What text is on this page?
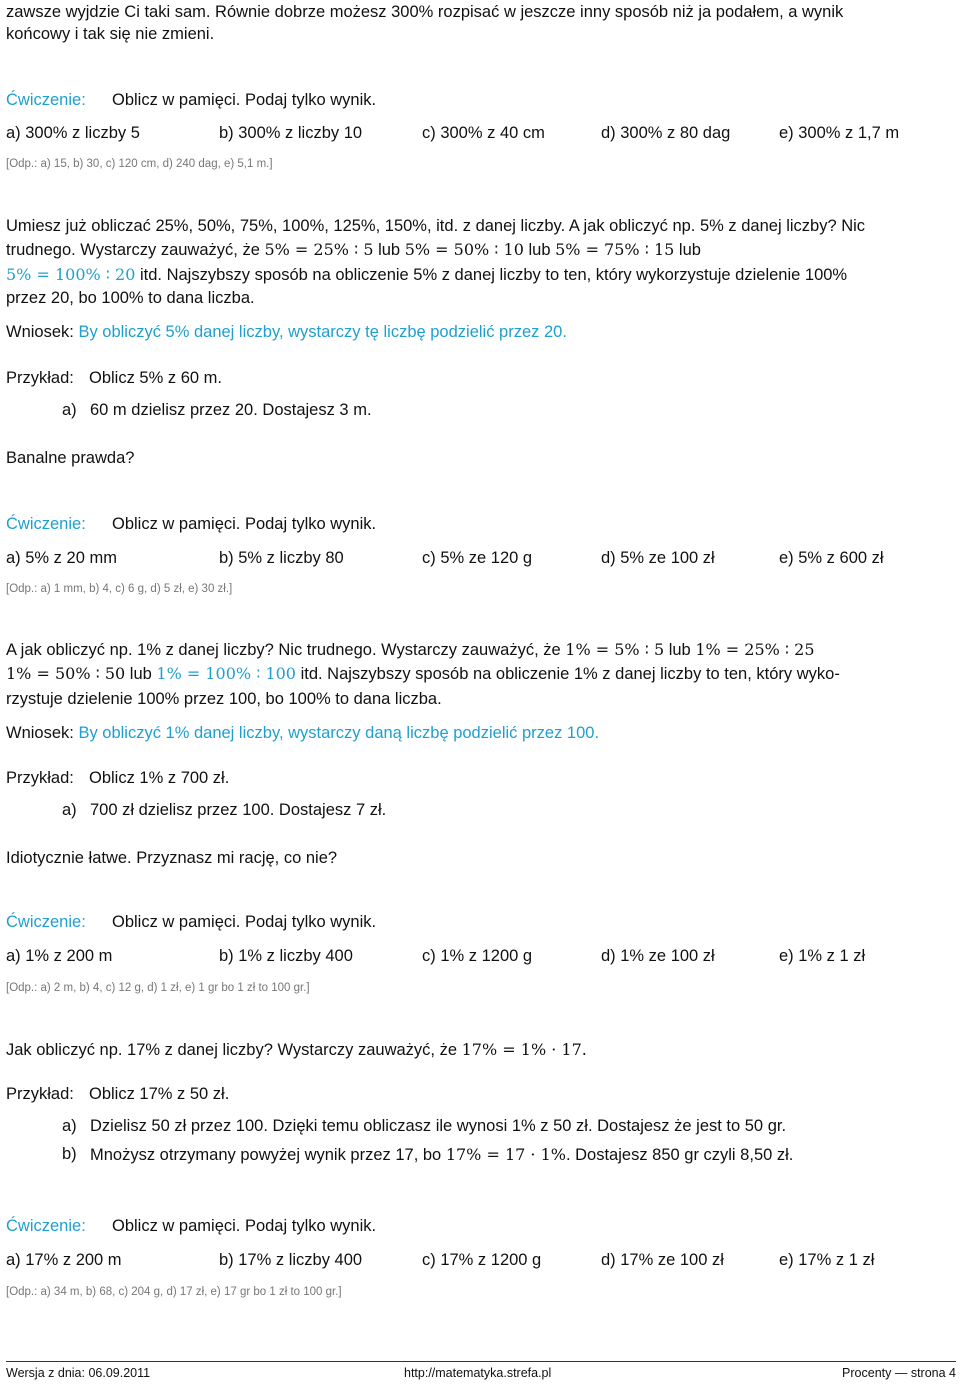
zawsze wyjdzie Ci taki sam. Równie dobrze możesz 300% rozpisać w jeszcze inny sposób niż ja podałem, a wynik
końcowy i tak się nie zmieni.
Ćwiczenie: Oblicz w pamięci. Podaj tylko wynik.
a) 300% z liczby 5	b) 300% z liczby 10	c) 300% z 40 cm	d) 300% z 80 dag	e) 300% z 1,7 m
[Odp.: a) 15, b) 30, c) 120 cm, d) 240 dag, e) 5,1 m.]
Umiesz już obliczać 25%, 50%, 75%, 100%, 125%, 150%, itd. z danej liczby. A jak obliczyć np. 5% z danej liczby? Nic
trudnego. Wystarczy zauważyć, że 5% = 25% ∶ 5 lub 5% = 50% ∶ 10 lub 5% = 75% ∶ 15 lub
5% = 100% ∶ 20 itd. Najszybszy sposób na obliczenie 5% z danej liczby to ten, który wykorzystuje dzielenie 100%
przez 20, bo 100% to dana liczba.
Wniosek: By obliczyć 5% danej liczby, wystarczy tę liczbę podzielić przez 20.
Przykład: Oblicz 5% z 60 m.
a) 60 m dzielisz przez 20. Dostajesz 3 m.
Banalne prawda?
Ćwiczenie: Oblicz w pamięci. Podaj tylko wynik.
a) 5% z 20 mm	b) 5% z liczby 80	c) 5% ze 120 g	d) 5% ze 100 zł	e) 5% z 600 zł
[Odp.: a) 1 mm, b) 4, c) 6 g, d) 5 zł, e) 30 zł.]
A jak obliczyć np. 1% z danej liczby? Nic trudnego. Wystarczy zauważyć, że 1% = 5% ∶ 5 lub 1% = 25% ∶ 25
1% = 50% ∶ 50 lub 1% = 100% ∶ 100 itd. Najszybszy sposób na obliczenie 1% z danej liczby to ten, który wyko-
rzystuje dzielenie 100% przez 100, bo 100% to dana liczba.
Wniosek: By obliczyć 1% danej liczby, wystarczy daną liczbę podzielić przez 100.
Przykład: Oblicz 1% z 700 zł.
a) 700 zł dzielisz przez 100. Dostajesz 7 zł.
Idiotycznie łatwe. Przyznasz mi rację, co nie?
Ćwiczenie: Oblicz w pamięci. Podaj tylko wynik.
a) 1% z 200 m	b) 1% z liczby 400	c) 1% z 1200 g	d) 1% ze 100 zł	e) 1% z 1 zł
[Odp.: a) 2 m, b) 4, c) 12 g, d) 1 zł, e) 1 gr bo 1 zł to 100 gr.]
Jak obliczyć np. 17% z danej liczby? Wystarczy zauważyć, że 17% = 1% · 17.
Przykład: Oblicz 17% z 50 zł.
a) Dzielisz 50 zł przez 100. Dzięki temu obliczasz ile wynosi 1% z 50 zł. Dostajesz że jest to 50 gr.
b) Mnożysz otrzymany powyżej wynik przez 17, bo 17% = 17 · 1%. Dostajesz 850 gr czyli 8,50 zł.
Ćwiczenie: Oblicz w pamięci. Podaj tylko wynik.
a) 17% z 200 m	b) 17% z liczby 400	c) 17% z 1200 g	d) 17% ze 100 zł	e) 17% z 1 zł
[Odp.: a) 34 m, b) 68, c) 204 g, d) 17 zł, e) 17 gr bo 1 zł to 100 gr.]
Wersja z dnia: 06.09.2011	http://matematyka.strefa.pl	Procenty — strona 4
